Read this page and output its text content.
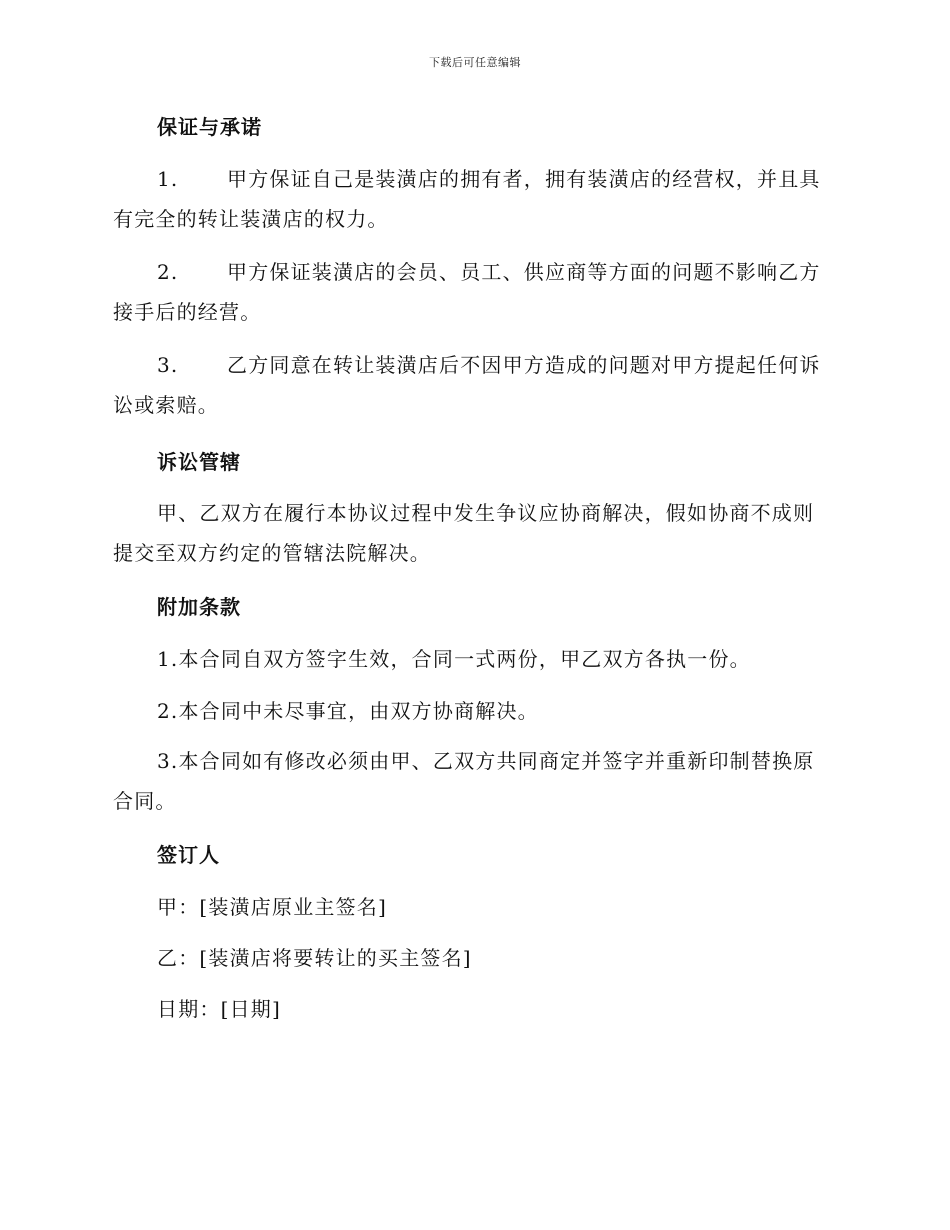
下载后可任意编辑
保证与承诺
1. 甲方保证自己是装潢店的拥有者，拥有装潢店的经营权，并且具
有完全的转让装潢店的权力。
2. 甲方保证装潢店的会员、员工、供应商等方面的问题不影响乙方
接手后的经营。
3. 乙方同意在转让装潢店后不因甲方造成的问题对甲方提起任何诉
讼或索赔。
诉讼管辖
甲、乙双方在履行本协议过程中发生争议应协商解决，假如协商不成则
提交至双方约定的管辖法院解决。
附加条款
1.本合同自双方签字生效，合同一式两份，甲乙双方各执一份。
2.本合同中未尽事宜，由双方协商解决。
3.本合同如有修改必须由甲、乙双方共同商定并签字并重新印制替换原
合同。
签订人
甲：[装潢店原业主签名]
乙：[装潢店将要转让的买主签名]
日期：[日期]
